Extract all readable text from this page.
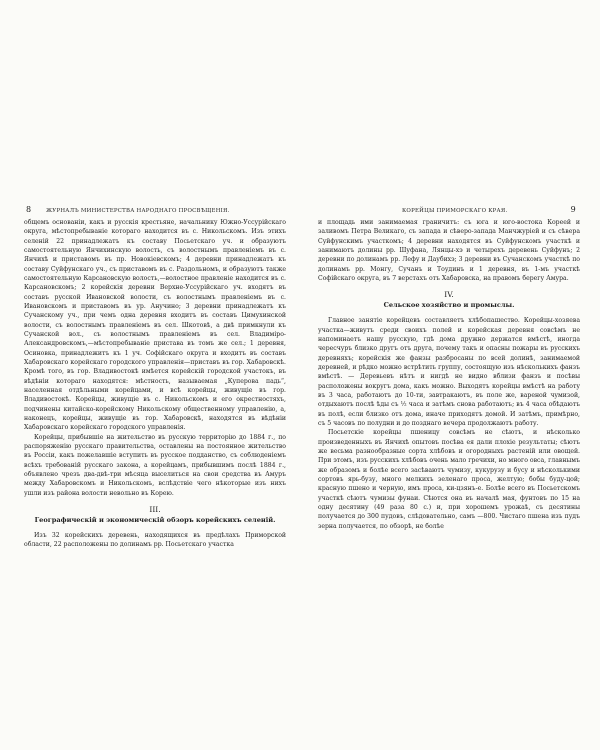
8	ЖУРНАЛЪ МИНИСТЕРСТВА НАРОДНАГО ПРОСВѢЩЕНІЯ.

общемъ основаніи, какъ и русскія крестьяне, начальнику Южно-Уссурійскаго округа, мѣстопребываніе котораго находится въ с. Никольскомъ. Изъ этихъ селеній 22 принадлежатъ къ составу Посьетскаго уч. и образуютъ самостоятельную Янчихинскую волость, съ волостнымъ правленіемъ въ с. Янчихѣ и приставомъ въ пр. Новокіевскомъ; 4 деревни принадлежатъ къ составу Суйфунскаго уч., съ приставомъ въ с. Раздольномъ, и образуютъ также самостоятельную Карсановскую волость,—волостное правленіе находится въ с. Карсановскомъ; 2 корейскія деревни Верхне-Уссурійскаго уч. входятъ въ составъ русской Ивановской волости, съ волостнымъ правленіемъ въ с. Ивановскомъ и приставомъ въ ур. Анучино; 3 деревни принадлежатъ къ Сучанскому уч., при чемъ одна деревня входитъ въ составъ Цимухинской волости, съ волостнымъ правленіемъ въ сел. Шкотовѣ, а двѣ примкнули къ Сучанской вол., съ волостнымъ правленіемъ въ сел. Владиміро-Александровскомъ,—мѣстопребываніе пристава въ томъ же сел.; 1 деревня, Осиновка, принадлежитъ къ 1 уч. Софійскаго округа и входитъ въ составъ Хабаровскаго корейскаго городского управленія—приставъ въ гор. Хабаровскѣ. Кромѣ того, въ гор. Владивостокѣ имѣется корейскій городской участокъ, въ вѣдѣніи котораго находятся: мѣстность, называемая „Куперова падь“, населенная отдѣльными корейцами, и всѣ корейцы, живущіе въ гор. Владивостокѣ. Корейцы, живущіе въ с. Никольскомъ и его окрестностяхъ, подчинены китайско-корейскому Никольскому общественному управленію, а, наконецъ, корейцы, живущіе въ гор. Хабаровскѣ, находятся въ вѣдѣніи Хабаровскаго корейскаго городского управленія.

Корейцы, прибывшіе на жительство въ русскую территорію до 1884 г., по распоряженію русскаго правительства, оставлены на постоянное жительство въ Россіи, какъ пожелавшіе вступить въ русское подданство, съ соблюденіемъ всѣхъ требованій русскаго закона, а корейцамъ, прибывшимъ послѣ 1884 г., объявлено чрезъ два-двѣ-три мѣсяца выселиться на свои средства въ Амуръ между Хабаровскомъ и Никольскомъ, вслѣдствіе чего нѣкоторые изъ нихъ ушли изъ района волости невольно въ Корею.

III.
Географическій и экономическій обзоръ корейскихъ селеній.

Изъ 32 корейскихъ деревень, находящихся въ предѣлахъ Приморской области, 22 расположены по долинамъ рр. Посьетскаго участка

КОРЕЙЦЫ ПРИМОРСКАГО КРАЯ.	9

и площадь ими занимаемая граничитъ: съ юга и юго-востока Кореей и заливомъ Петра Великаго, съ запада и сѣверо-запада Манчжуріей и съ сѣвера Суйфунскимъ участкомъ; 4 деревни находятся въ Суйфунскомъ участкѣ и занимаютъ долины рр. Шуфана, Лянцы-хэ и четырехъ деревень Суйфунъ; 2 деревни по долинамъ рр. Лефу и Даубихэ; 3 деревни въ Сучанскомъ участкѣ по долинамъ рр. Монгу, Сучанъ и Тоудинъ и 1 деревня, въ 1-мъ участкѣ Софійскаго округа, въ 7 верстахъ отъ Хабаровска, на правомъ берегу Амура.

IV.
Сельское хозяйство и промыслы.

Главное занятіе корейцевъ составляетъ хлѣбопашество. Корейцы-хозяева участка—живутъ среди своихъ полей и корейская деревня совсѣмъ не напоминаетъ нашу русскую, гдѣ дома дружно держатся вмѣстѣ, иногда чересчуръ близко другъ отъ друга, почему такъ и опасны пожары въ русскихъ деревняхъ; корейскія же фанзы разбросаны по всей долинѣ, занимаемой деревней, и рѣдко можно встрѣтить группу, состоящую изъ нѣсколькихъ фанзъ вмѣстѣ. — Деревьевъ нѣтъ и нигдѣ не видно вблизи фанзъ и посѣвы расположены вокругъ дома, какъ можно. Выходятъ корейцы вмѣстѣ на работу въ 3 часа, работаютъ до 10-ти, завтракаютъ, въ поле же, вареной чумизой, отдыхаютъ послѣ ѣды съ ½ часа и затѣмъ снова работаютъ; въ 4 часа обѣдаютъ въ полѣ, если близко отъ дома, иначе приходятъ домой. И затѣмъ, примѣрно, съ 5 часовъ по полудни и до позднаго вечера продолжаютъ работу.

Посьетскіе корейцы пшеницу совсѣмъ не сѣютъ, и нѣсколько произведенныхъ въ Янчихѣ опытовъ посѣва ея дали плохіе результаты; сѣютъ же весьма разнообразные сорта хлѣбовъ и огородныхъ растеній или овощей. При этомъ, изъ русскихъ хлѣбовъ очень мало гречихи, но много овса, главнымъ же образомъ и болѣе всего засѣваютъ чумизу, кукурузу и бусу и нѣсколькими сортовъ ярь-бузу, много мелкихъ зеленаго проса, желтую; бобы буду-цой; красную пшено и черную, имъ проса, ки-цзянъ-е. Болѣе всего въ Посьетскомъ участкѣ сѣютъ чумизы фунаи. Сѣются она въ началѣ мая, фунтовъ по 15 на одну десятину (49 раза 80 с.) и, при хорошемъ урожаѣ, съ десятины получается до 300 пудовъ, слѣдовательно, самъ —800. Чистаго пшена изъ пудъ зерна получается, по обзорѣ, не болѣе
